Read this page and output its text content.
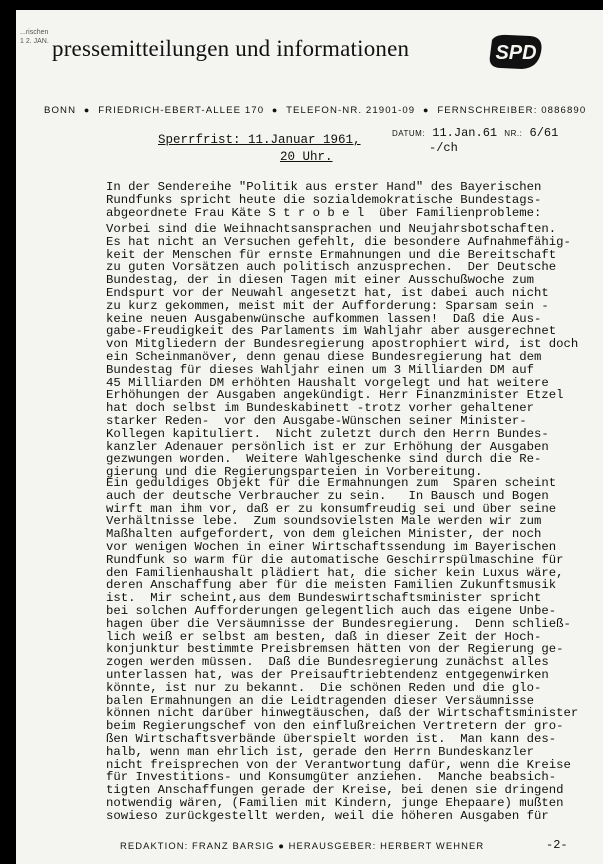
...rischen
1 2. JAN. pressemitteilungen und informationen	SPD
BONN ● FRIEDRICH-EBERT-ALLEE 170 ● TELEFON-NR. 21901-09 ● FERNSCHREIBER: 0886890
Sperrfrist: 11.Januar 1961,
20 Uhr.
DATUM: 11.Jan.61 NR.: 6/61
-/ch
In der Sendereihe "Politik aus erster Hand" des Bayerischen
Rundfunks spricht heute die sozialdemokratische Bundestags-
abgeordnete Frau Käte S t r o b e l  über Familienprobleme:
Vorbei sind die Weihnachtsansprachen und Neujahrsbotschaften.
Es hat nicht an Versuchen gefehlt, die besondere Aufnahmefähig-
keit der Menschen für ernste Ermahnungen und die Bereitschaft
zu guten Vorsätzen auch politisch anzusprechen.  Der Deutsche
Bundestag, der in diesen Tagen mit einer Ausschußwoche zum
Endspurt vor der Neuwahl angesetzt hat, ist dabei auch nicht
zu kurz gekommen, meist mit der Aufforderung: Sparsam sein -
keine neuen Ausgabenwünsche aufkommen lassen!  Daß die Aus-
gabe-Freudigkeit des Parlaments im Wahljahr aber ausgerechnet
von Mitgliedern der Bundesregierung apostrophiert wird, ist doch
ein Scheinmanöver, denn genau diese Bundesregierung hat dem
Bundestag für dieses Wahljahr einen um 3 Milliarden DM auf
45 Milliarden DM erhöhten Haushalt vorgelegt und hat weitere
Erhöhungen der Ausgaben angekündigt. Herr Finanzminister Etzel
hat doch selbst im Bundeskabinett -trotz vorher gehaltener
starker Reden-  vor den Ausgabe-Wünschen seiner Minister-
Kollegen kapituliert.  Nicht zuletzt durch den Herrn Bundes-
kanzler Adenauer persönlich ist er zur Erhöhung der Ausgaben
gezwungen worden.  Weitere Wahlgeschenke sind durch die Re-
gierung und die Regierungsparteien in Vorbereitung.
Ein geduldiges Objekt für die Ermahnungen zum  Sparen scheint
auch der deutsche Verbraucher zu sein.   In Bausch und Bogen
wirft man ihm vor, daß er zu konsumfreudig sei und über seine
Verhältnisse lebe.  Zum soundsovielsten Male werden wir zum
Maßhalten aufgefordert, von dem gleichen Minister, der noch
vor wenigen Wochen in einer Wirtschaftssendung im Bayerischen
Rundfunk so warm für die automatische Geschirrspülmaschine für
den Familienhaushalt plädiert hat, die sicher kein Luxus wäre,
deren Anschaffung aber für die meisten Familien Zukunftsmusik
ist.  Mir scheint,aus dem Bundeswirtschaftsminister spricht
bei solchen Aufforderungen gelegentlich auch das eigene Unbe-
hagen über die Versäumnisse der Bundesregierung.  Denn schließ-
lich weiß er selbst am besten, daß in dieser Zeit der Hoch-
konjunktur bestimmte Preisbremsen hätten von der Regierung ge-
zogen werden müssen.  Daß die Bundesregierung zunächst alles
unterlassen hat, was der Preisauftriebtendenz entgegenwirken
könnte, ist nur zu bekannt.  Die schönen Reden und die glo-
balen Ermahnungen an die Leidtragenden dieser Versäumnisse
können nicht darüber hinwegtäuschen, daß der Wirtschaftsminister
beim Regierungschef von den einflußreichen Vertretern der gro-
ßen Wirtschaftsverbände überspielt worden ist.  Man kann des-
halb, wenn man ehrlich ist, gerade den Herrn Bundeskanzler
nicht freisprechen von der Verantwortung dafür, wenn die Kreise
für Investitions- und Konsumgüter anziehen.  Manche beabsich-
tigten Anschaffungen gerade der Kreise, bei denen sie dringend
notwendig wären, (Familien mit Kindern, junge Ehepaare) mußten
sowieso zurückgestellt werden, weil die höheren Ausgaben für
REDAKTION: FRANZ BARSIG ● HERAUSGEBER: HERBERT WEHNER	-2-
